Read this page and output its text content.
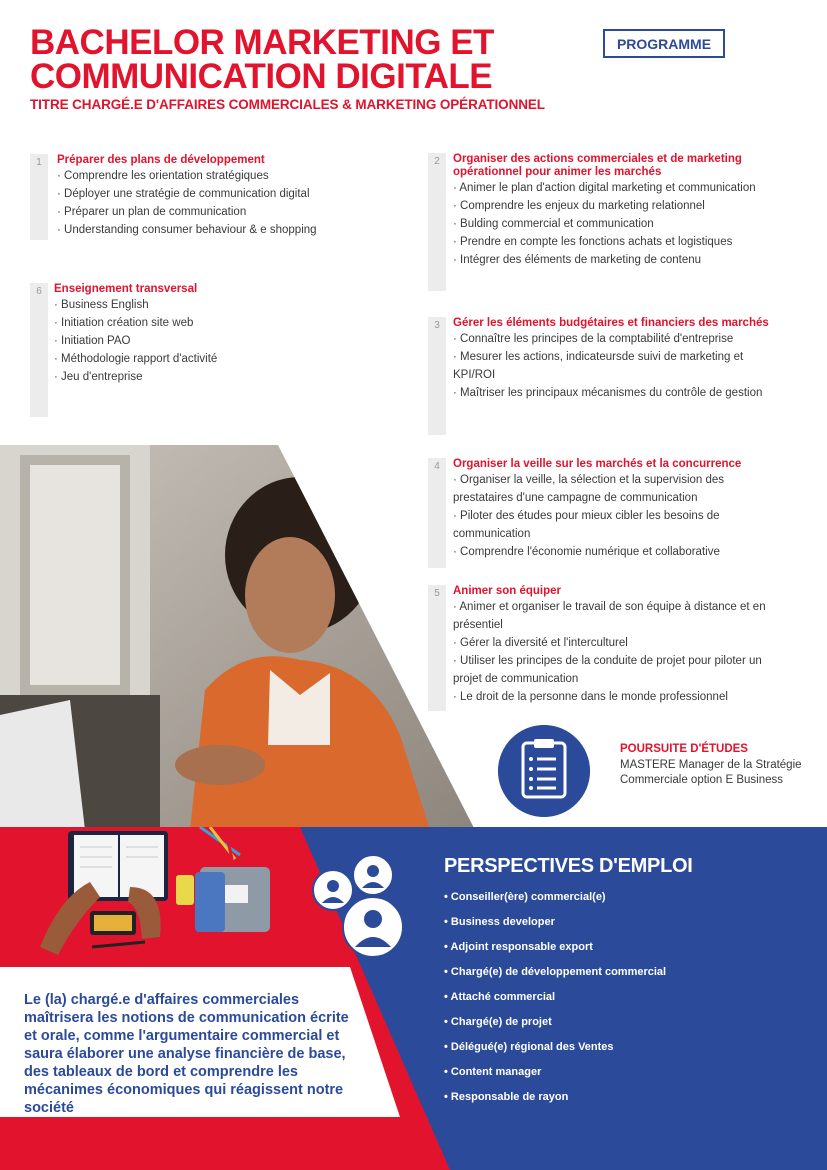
BACHELOR MARKETING ET
COMMUNICATION DIGITALE
TITRE CHARGÉ.E D'AFFAIRES COMMERCIALES & MARKETING OPÉRATIONNEL
PROGRAMME
1	Préparer des plans de développement
· Comprendre les orientation stratégiques
· Déployer une stratégie de communication digital
· Préparer un plan de communication
· Understanding consumer behaviour & e shopping
6	Enseignement transversal
· Business English
· Initiation création site web
· Initiation PAO
· Méthodologie rapport d'activité
· Jeu d'entreprise
2	Organiser des actions commerciales et de marketing opérationnel pour animer les marchés
· Animer le plan d'action digital marketing et communication
· Comprendre les enjeux du marketing relationnel
· Bulding commercial et communication
· Prendre en compte les fonctions achats et logistiques
· Intégrer des éléments de marketing de contenu
3	Gérer les éléments budgétaires et financiers des marchés
· Connaître les principes de la comptabilité d'entreprise
· Mesurer les actions, indicateursde suivi de marketing et KPI/ROI
· Maîtriser les principaux mécanismes du contrôle de gestion
4	Organiser la veille sur les marchés et la concurrence
· Organiser la veille, la sélection et la supervision des prestataires d'une campagne de communication
· Piloter des études pour mieux cibler les besoins de communication
· Comprendre l'économie numérique et collaborative
5	Animer son équiper
· Animer et organiser le travail de son équipe à distance et en présentiel
· Gérer la diversité et l'interculturel
· Utiliser les principes de la conduite de projet pour piloter un projet de communication
· Le droit de la personne dans le monde professionnel
POURSUITE D'ÉTUDES
MASTERE Manager de la Stratégie Commerciale option E Business
PERSPECTIVES D'EMPLOI
• Conseiller(ère) commercial(e)
• Business developer
• Adjoint responsable export
• Chargé(e) de développement commercial
• Attaché commercial
• Chargé(e) de projet
• Délégué(e) régional des Ventes
• Content manager
• Responsable de rayon
Le (la) chargé.e d'affaires commerciales maîtrisera les notions de communication écrite et orale, comme l'argumentaire commercial et saura élaborer une analyse financière de base, des tableaux de bord et comprendre les mécanimes économiques qui réagissent notre société
